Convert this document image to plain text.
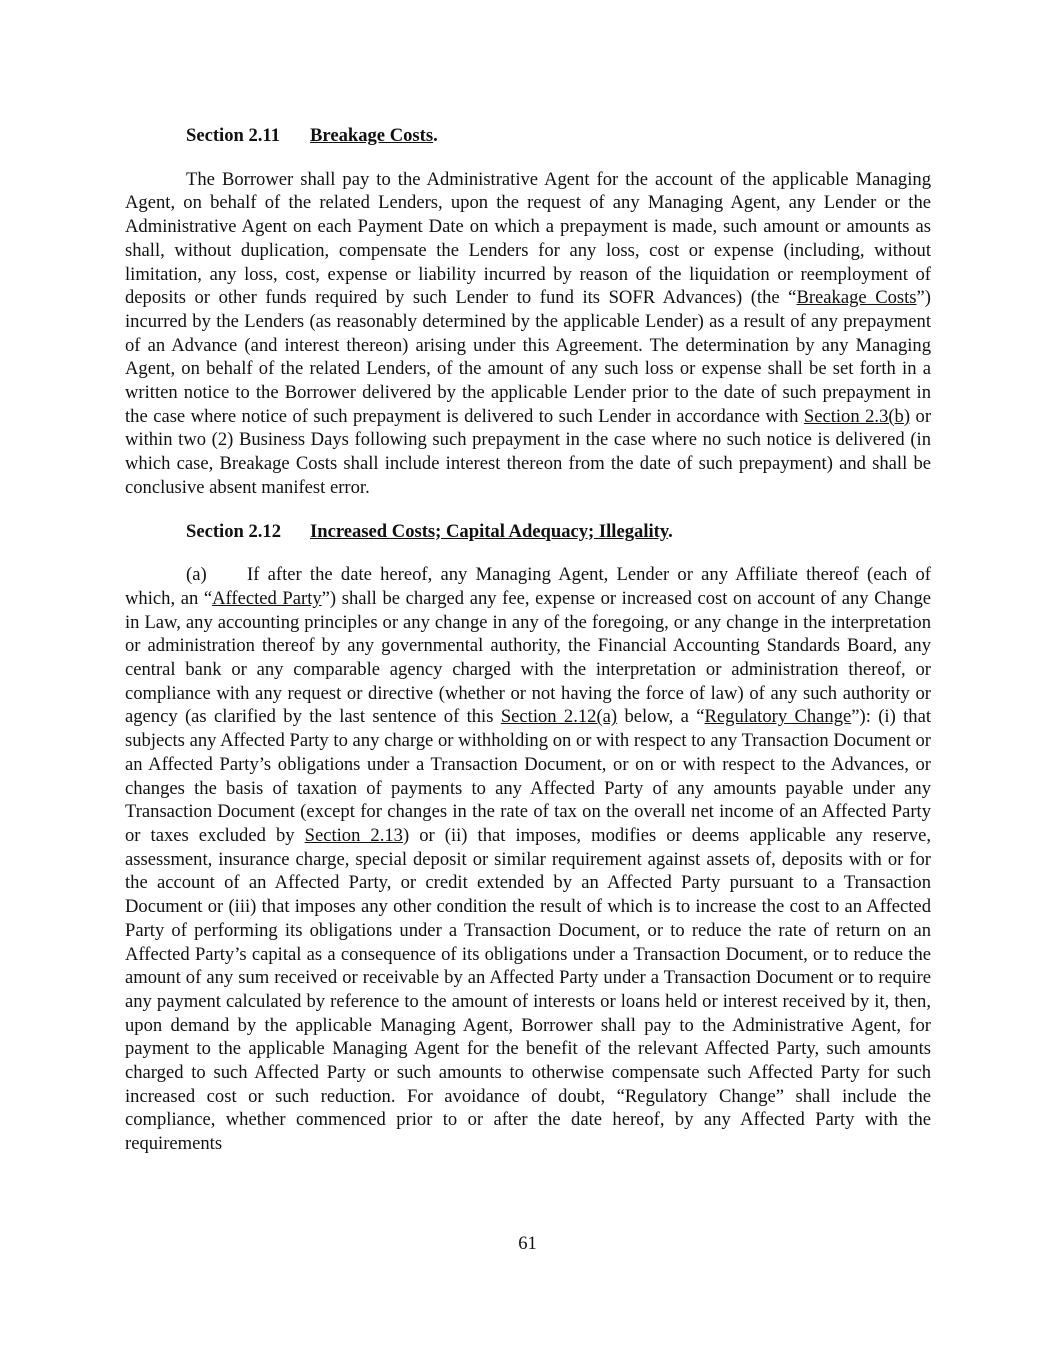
Section 2.11 Breakage Costs.

The Borrower shall pay to the Administrative Agent for the account of the applicable Managing Agent, on behalf of the related Lenders, upon the request of any Managing Agent, any Lender or the Administrative Agent on each Payment Date on which a prepayment is made, such amount or amounts as shall, without duplication, compensate the Lenders for any loss, cost or expense (including, without limitation, any loss, cost, expense or liability incurred by reason of the liquidation or reemployment of deposits or other funds required by such Lender to fund its SOFR Advances) (the “Breakage Costs”) incurred by the Lenders (as reasonably determined by the applicable Lender) as a result of any prepayment of an Advance (and interest thereon) arising under this Agreement. The determination by any Managing Agent, on behalf of the related Lenders, of the amount of any such loss or expense shall be set forth in a written notice to the Borrower delivered by the applicable Lender prior to the date of such prepayment in the case where notice of such prepayment is delivered to such Lender in accordance with Section 2.3(b) or within two (2) Business Days following such prepayment in the case where no such notice is delivered (in which case, Breakage Costs shall include interest thereon from the date of such prepayment) and shall be conclusive absent manifest error.

Section 2.12 Increased Costs; Capital Adequacy; Illegality.

(a) If after the date hereof, any Managing Agent, Lender or any Affiliate thereof (each of which, an “Affected Party”) shall be charged any fee, expense or increased cost on account of any Change in Law, any accounting principles or any change in any of the foregoing, or any change in the interpretation or administration thereof by any governmental authority, the Financial Accounting Standards Board, any central bank or any comparable agency charged with the interpretation or administration thereof, or compliance with any request or directive (whether or not having the force of law) of any such authority or agency (as clarified by the last sentence of this Section 2.12(a) below, a “Regulatory Change”): (i) that subjects any Affected Party to any charge or withholding on or with respect to any Transaction Document or an Affected Party’s obligations under a Transaction Document, or on or with respect to the Advances, or changes the basis of taxation of payments to any Affected Party of any amounts payable under any Transaction Document (except for changes in the rate of tax on the overall net income of an Affected Party or taxes excluded by Section 2.13) or (ii) that imposes, modifies or deems applicable any reserve, assessment, insurance charge, special deposit or similar requirement against assets of, deposits with or for the account of an Affected Party, or credit extended by an Affected Party pursuant to a Transaction Document or (iii) that imposes any other condition the result of which is to increase the cost to an Affected Party of performing its obligations under a Transaction Document, or to reduce the rate of return on an Affected Party’s capital as a consequence of its obligations under a Transaction Document, or to reduce the amount of any sum received or receivable by an Affected Party under a Transaction Document or to require any payment calculated by reference to the amount of interests or loans held or interest received by it, then, upon demand by the applicable Managing Agent, Borrower shall pay to the Administrative Agent, for payment to the applicable Managing Agent for the benefit of the relevant Affected Party, such amounts charged to such Affected Party or such amounts to otherwise compensate such Affected Party for such increased cost or such reduction. For avoidance of doubt, “Regulatory Change” shall include the compliance, whether commenced prior to or after the date hereof, by any Affected Party with the requirements

61
